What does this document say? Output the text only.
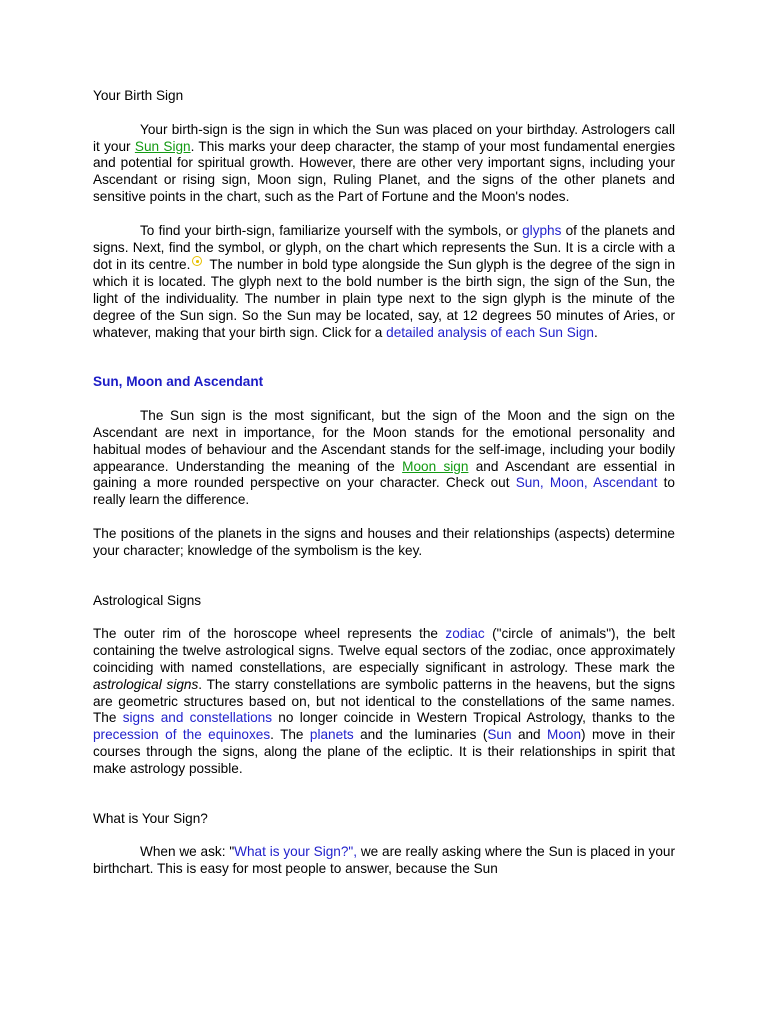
Your Birth Sign

Your birth-sign is the sign in which the Sun was placed on your birthday. Astrologers call it your Sun Sign. This marks your deep character, the stamp of your most fundamental energies and potential for spiritual growth. However, there are other very important signs, including your Ascendant or rising sign, Moon sign, Ruling Planet, and the signs of the other planets and sensitive points in the chart, such as the Part of Fortune and the Moon's nodes.

To find your birth-sign, familiarize yourself with the symbols, or glyphs of the planets and signs. Next, find the symbol, or glyph, on the chart which represents the Sun. It is a circle with a dot in its centre. The number in bold type alongside the Sun glyph is the degree of the sign in which it is located. The glyph next to the bold number is the birth sign, the sign of the Sun, the light of the individuality. The number in plain type next to the sign glyph is the minute of the degree of the Sun sign. So the Sun may be located, say, at 12 degrees 50 minutes of Aries, or whatever, making that your birth sign. Click for a detailed analysis of each Sun Sign.

Sun, Moon and Ascendant

The Sun sign is the most significant, but the sign of the Moon and the sign on the Ascendant are next in importance, for the Moon stands for the emotional personality and habitual modes of behaviour and the Ascendant stands for the self-image, including your bodily appearance. Understanding the meaning of the Moon sign and Ascendant are essential in gaining a more rounded perspective on your character. Check out Sun, Moon, Ascendant to really learn the difference.

The positions of the planets in the signs and houses and their relationships (aspects) determine your character; knowledge of the symbolism is the key.

Astrological Signs

The outer rim of the horoscope wheel represents the zodiac ("circle of animals"), the belt containing the twelve astrological signs. Twelve equal sectors of the zodiac, once approximately coinciding with named constellations, are especially significant in astrology. These mark the astrological signs. The starry constellations are symbolic patterns in the heavens, but the signs are geometric structures based on, but not identical to the constellations of the same names. The signs and constellations no longer coincide in Western Tropical Astrology, thanks to the precession of the equinoxes. The planets and the luminaries (Sun and Moon) move in their courses through the signs, along the plane of the ecliptic. It is their relationships in spirit that make astrology possible.

What is Your Sign?

When we ask: "What is your Sign?", we are really asking where the Sun is placed in your birthchart. This is easy for most people to answer, because the Sun
